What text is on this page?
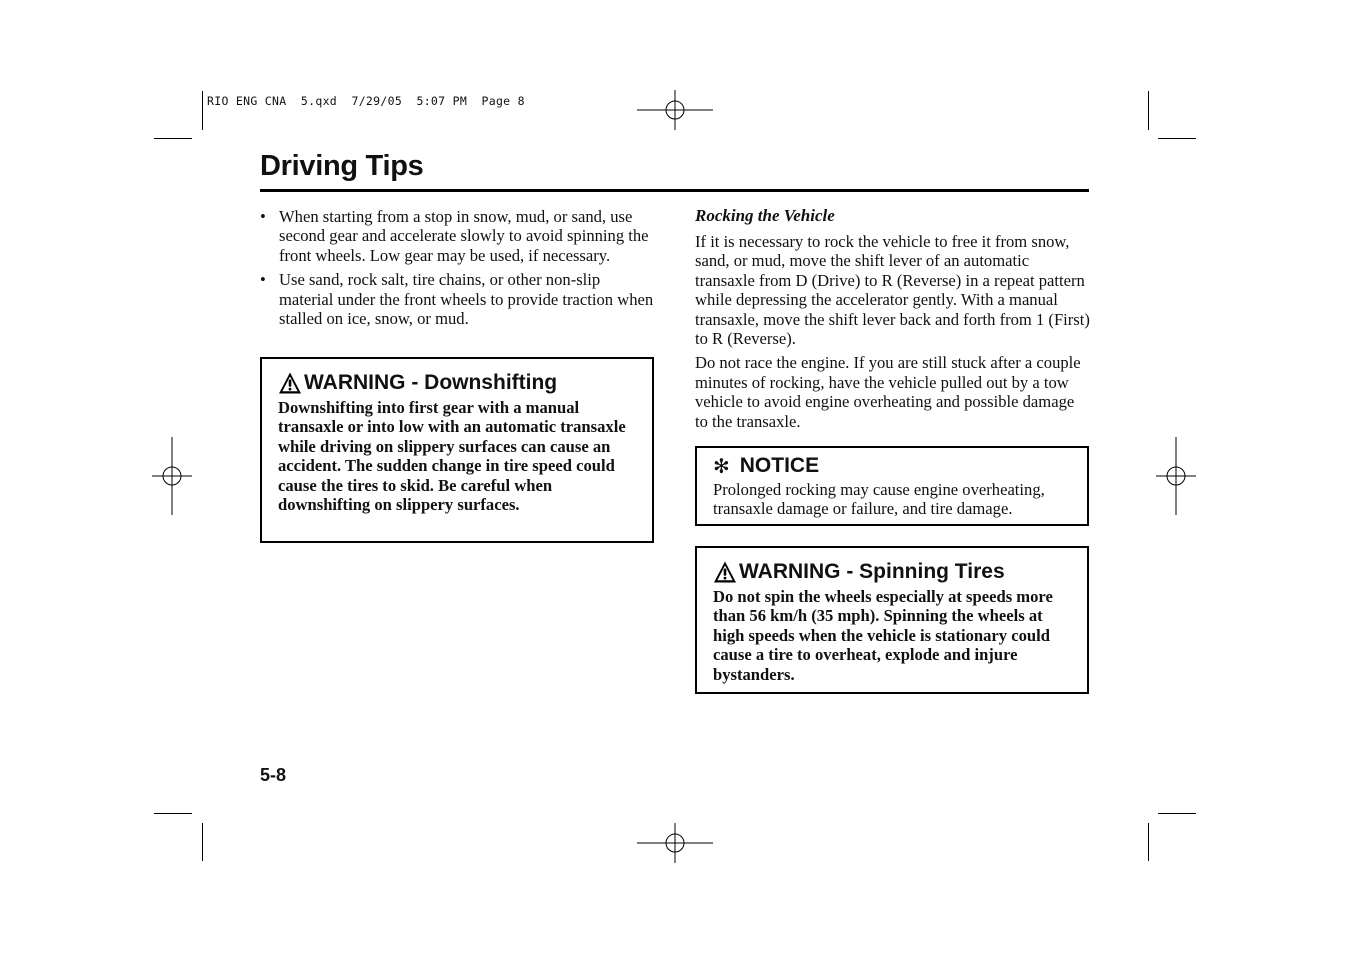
RIO ENG CNA  5.qxd  7/29/05  5:07 PM  Page 8
Driving Tips
• When starting from a stop in snow, mud, or sand, use second gear and accelerate slowly to avoid spinning the front wheels. Low gear may be used, if necessary.
• Use sand, rock salt, tire chains, or other non-slip material under the front wheels to provide traction when stalled on ice, snow, or mud.
WARNING - Downshifting
Downshifting into first gear with a manual transaxle or into low with an automatic transaxle while driving on slippery surfaces can cause an accident. The sudden change in tire speed could cause the tires to skid. Be careful when downshifting on slippery surfaces.
Rocking the Vehicle

If it is necessary to rock the vehicle to free it from snow, sand, or mud, move the shift lever of an automatic transaxle from D (Drive) to R (Reverse) in a repeat pattern while depressing the accelerator gently. With a manual transaxle, move the shift lever back and forth from 1 (First) to R (Reverse).

Do not race the engine. If you are still stuck after a couple minutes of rocking, have the vehicle pulled out by a tow vehicle to avoid engine overheating and possible damage to the transaxle.

✻ NOTICE
Prolonged rocking may cause engine overheating, transaxle damage or failure, and tire damage.
WARNING - Spinning Tires
Do not spin the wheels especially at speeds more than 56 km/h (35 mph). Spinning the wheels at high speeds when the vehicle is stationary could cause a tire to overheat, explode and injure bystanders.
5-8
